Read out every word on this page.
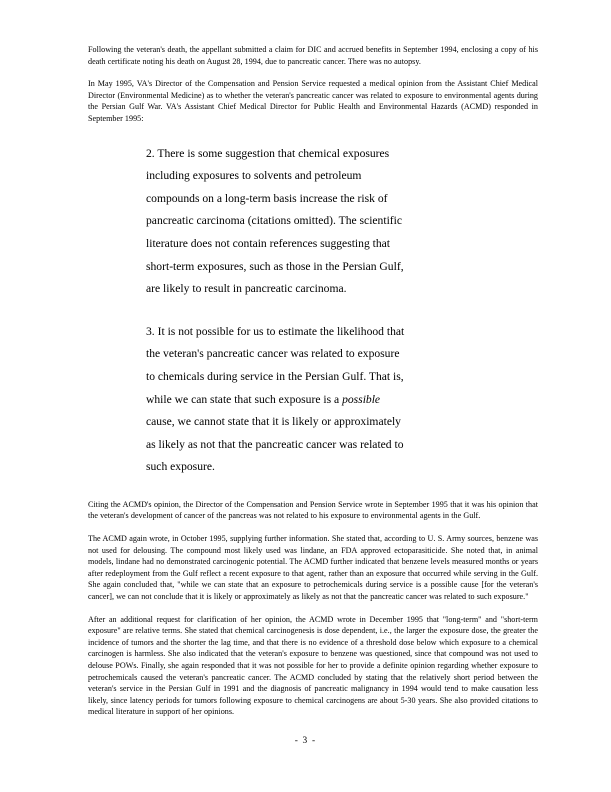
Following the veteran's death, the appellant submitted a claim for DIC and accrued benefits in September 1994, enclosing a copy of his death certificate noting his death on August 28, 1994, due to pancreatic cancer. There was no autopsy.

In May 1995, VA's Director of the Compensation and Pension Service requested a medical opinion from the Assistant Chief Medical Director (Environmental Medicine) as to whether the veteran's pancreatic cancer was related to exposure to environmental agents during the Persian Gulf War. VA's Assistant Chief Medical Director for Public Health and Environmental Hazards (ACMD) responded in September 1995:

2. There is some suggestion that chemical exposures
including exposures to solvents and petroleum
compounds on a long-term basis increase the risk of
pancreatic carcinoma (citations omitted). The scientific
literature does not contain references suggesting that
short-term exposures, such as those in the Persian Gulf,
are likely to result in pancreatic carcinoma.
3. It is not possible for us to estimate the likelihood that
the veteran's pancreatic cancer was related to exposure
to chemicals during service in the Persian Gulf. That is,
while we can state that such exposure is a possible
cause, we cannot state that it is likely or approximately
as likely as not that the pancreatic cancer was related to
such exposure.

Citing the ACMD's opinion, the Director of the Compensation and Pension Service wrote in September 1995 that it was his opinion that the veteran's development of cancer of the pancreas was not related to his exposure to environmental agents in the Gulf.

The ACMD again wrote, in October 1995, supplying further information. She stated that, according to U. S. Army sources, benzene was not used for delousing. The compound most likely used was lindane, an FDA approved ectoparasiticide. She noted that, in animal models, lindane had no demonstrated carcinogenic potential. The ACMD further indicated that benzene levels measured months or years after redeployment from the Gulf reflect a recent exposure to that agent, rather than an exposure that occurred while serving in the Gulf. She again concluded that, "while we can state that an exposure to petrochemicals during service is a possible cause [for the veteran's cancer], we can not conclude that it is likely or approximately as likely as not that the pancreatic cancer was related to such exposure."

After an additional request for clarification of her opinion, the ACMD wrote in December 1995 that "long-term" and "short-term exposure" are relative terms. She stated that chemical carcinogenesis is dose dependent, i.e., the larger the exposure dose, the greater the incidence of tumors and the shorter the lag time, and that there is no evidence of a threshold dose below which exposure to a chemical carcinogen is harmless. She also indicated that the veteran's exposure to benzene was questioned, since that compound was not used to delouse POWs. Finally, she again responded that it was not possible for her to provide a definite opinion regarding whether exposure to petrochemicals caused the veteran's pancreatic cancer. The ACMD concluded by stating that the relatively short period between the veteran's service in the Persian Gulf in 1991 and the diagnosis of pancreatic malignancy in 1994 would tend to make causation less likely, since latency periods for tumors following exposure to chemical carcinogens are about 5-30 years. She also provided citations to medical literature in support of her opinions.

- 3 -
